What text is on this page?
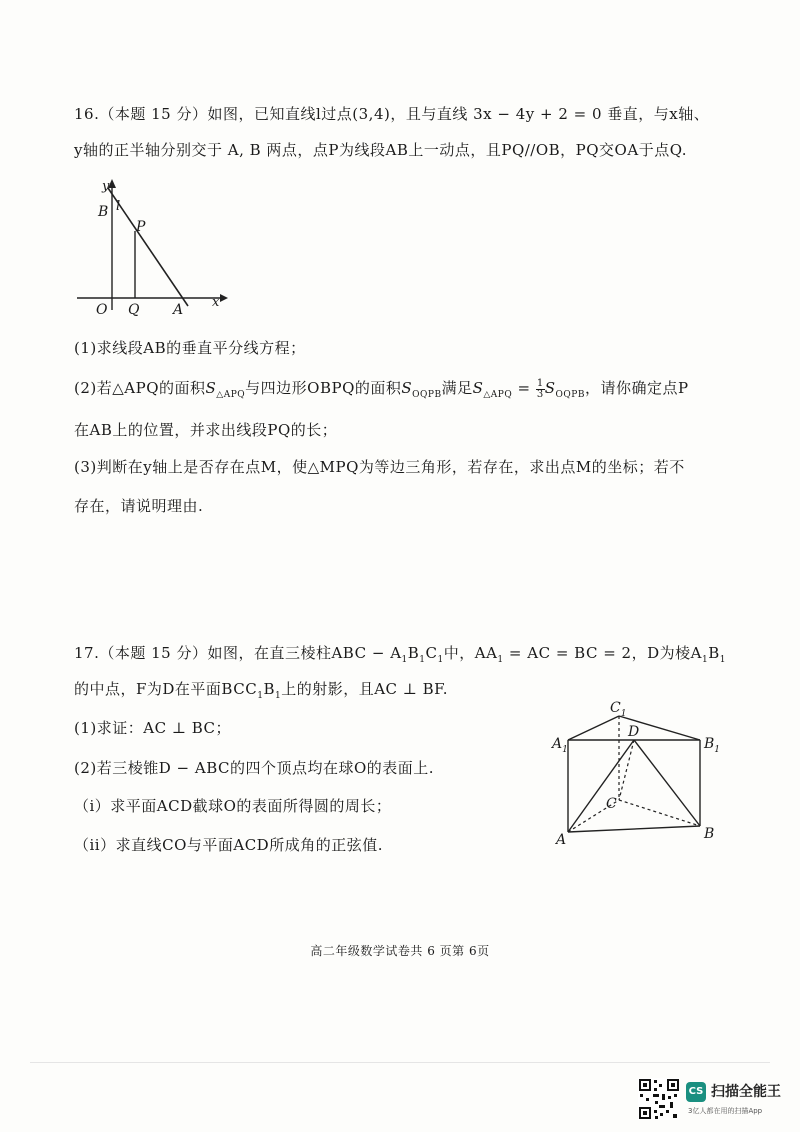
16.（本题 15 分）如图，已知直线l过点(3,4)，且与直线 3x − 4y + 2 = 0 垂直，与x轴、
y轴的正半轴分别交于 A, B 两点，点P为线段AB上一动点，且PQ//OB，PQ交OA于点Q.
y
B l
P
O Q A x
(1)求线段AB的垂直平分线方程；
(2)若△APQ的面积$S_{\triangle APQ}$与四边形OBPQ的面积$S_{OQPB}$满足$S_{\triangle APQ} = \frac{1}{3} S_{OQPB}$，请你确定点P
在AB上的位置，并求出线段PQ的长；
(3)判断在y轴上是否存在点M，使△MPQ为等边三角形，若存在，求出点M的坐标；若不
存在，请说明理由.
17.（本题 15 分）如图，在直三棱柱ABC − $A_1B_1C_1$中，$AA_1$ = AC = BC = 2，D为棱$A_1B_1$
的中点，F为D在平面$BCC_1B_1$上的射影，且AC ⊥ BF.
(1)求证：AC ⊥ BC；
(2)若三棱锥D − ABC的四个顶点均在球O的表面上.
（i）求平面ACD截球O的表面所得圆的周长；
（ii）求直线CO与平面ACD所成角的正弦值.
$C_1$
$A_1$
D
$B_1$
C
A	B
高二年级数学试卷共 6 页第 6页
CS 扫描全能王
3亿人都在用的扫描App
